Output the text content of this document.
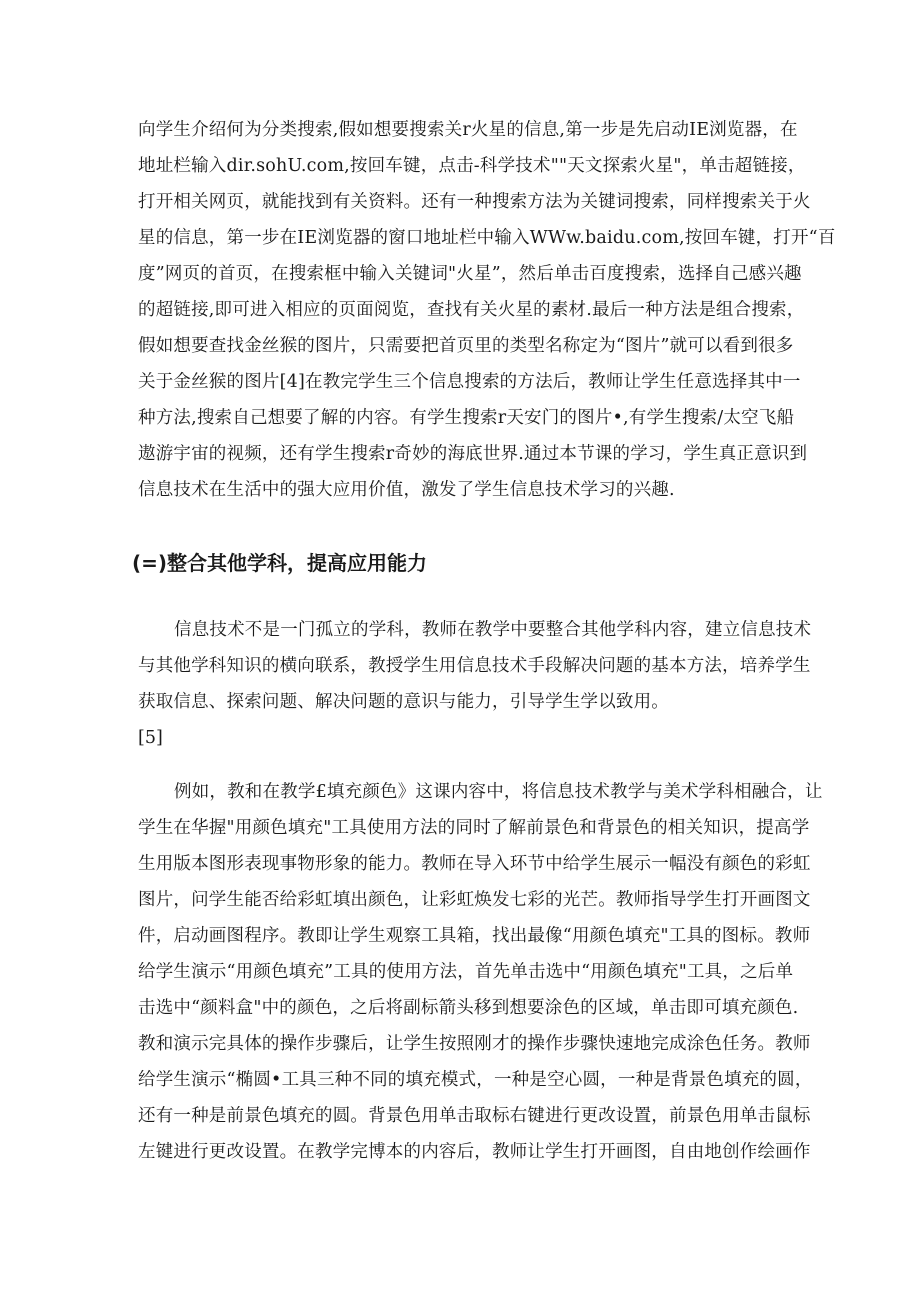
向学生介绍何为分类搜索,假如想要搜索关r火星的信息,第一步是先启动IE浏览器，在
地址栏输入dir.sohU.com,按回车键，点击-科学技术""天文探索火星"，单击超链接，
打开相关网页，就能找到有关资料。还有一种搜索方法为关键词搜索，同样搜索关于火
星的信息，第一步在IE浏览器的窗口地址栏中输入WWw.baidu.com,按回车键，打开“百
度”网页的首页，在搜索框中输入关键词"火星”，然后单击百度搜索，选择自己感兴趣
的超链接,即可进入相应的页面阅览，查找有关火星的素材.最后一种方法是组合搜索，
假如想要查找金丝猴的图片，只需要把首页里的类型名称定为“图片”就可以看到很多
关于金丝猴的图片[4]在教完学生三个信息搜索的方法后，教师让学生任意选择其中一
种方法,搜索自己想要了解的内容。有学生搜索r天安门的图片•,有学生搜索/太空飞船
遨游宇宙的视频，还有学生搜索r奇妙的海底世界.通过本节课的学习，学生真正意识到
信息技术在生活中的强大应用价值，激发了学生信息技术学习的兴趣.
(=)整合其他学科，提高应用能力
信息技术不是一门孤立的学科，教师在教学中要整合其他学科内容，建立信息技术
与其他学科知识的横向联系，教授学生用信息技术手段解决问题的基本方法，培养学生
获取信息、探索问题、解决问题的意识与能力，引导学生学以致用。
[5]
例如，教和在教学£填充颜色》这课内容中，将信息技术教学与美术学科相融合，让
学生在华握"用颜色填充"工具使用方法的同时了解前景色和背景色的相关知识，提高学
生用版本图形表现事物形象的能力。教师在导入环节中给学生展示一幅没有颜色的彩虹
图片，问学生能否给彩虹填出颜色，让彩虹焕发七彩的光芒。教师指导学生打开画图文
件，启动画图程序。教即让学生观察工具箱，找出最像“用颜色填充"工具的图标。教师
给学生演示“用颜色填充”工具的使用方法，首先单击选中“用颜色填充"工具，之后单
击选中“颜料盒"中的颜色，之后将副标箭头移到想要涂色的区域，单击即可填充颜色.
教和演示完具体的操作步骤后，让学生按照刚才的操作步骤快速地完成涂色任务。教师
给学生演示“椭圆•工具三种不同的填充模式，一种是空心圆，一种是背景色填充的圆，
还有一种是前景色填充的圆。背景色用单击取标右键进行更改设置，前景色用单击鼠标
左键进行更改设置。在教学完博本的内容后，教师让学生打开画图，自由地创作绘画作
